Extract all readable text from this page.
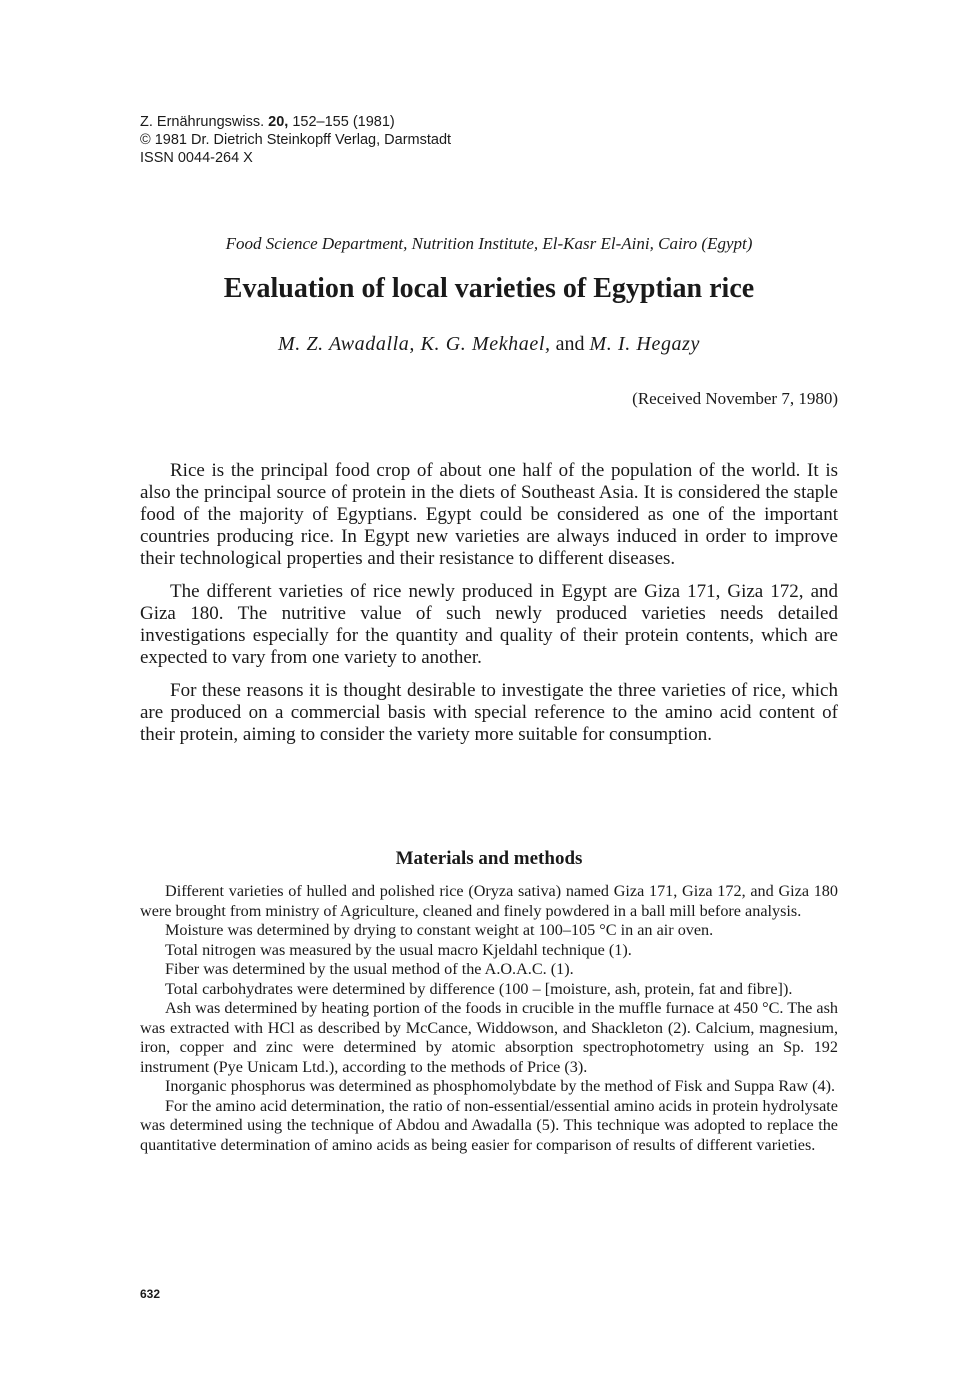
Z. Ernährungswiss. 20, 152–155 (1981)
© 1981 Dr. Dietrich Steinkopff Verlag, Darmstadt
ISSN 0044-264 X
Food Science Department, Nutrition Institute, El-Kasr El-Aini, Cairo (Egypt)
Evaluation of local varieties of Egyptian rice
M. Z. Awadalla, K. G. Mekhael, and M. I. Hegazy
(Received November 7, 1980)

Rice is the principal food crop of about one half of the population of the world. It is also the principal source of protein in the diets of Southeast Asia. It is considered the staple food of the majority of Egyptians. Egypt could be considered as one of the important countries producing rice. In Egypt new varieties are always induced in order to improve their technological properties and their resistance to different diseases.

The different varieties of rice newly produced in Egypt are Giza 171, Giza 172, and Giza 180. The nutritive value of such newly produced varieties needs detailed investigations especially for the quantity and quality of their protein contents, which are expected to vary from one variety to another.

For these reasons it is thought desirable to investigate the three varieties of rice, which are produced on a commercial basis with special reference to the amino acid content of their protein, aiming to consider the variety more suitable for consumption.

Materials and methods

Different varieties of hulled and polished rice (Oryza sativa) named Giza 171, Giza 172, and Giza 180 were brought from ministry of Agriculture, cleaned and finely powdered in a ball mill before analysis.

Moisture was determined by drying to constant weight at 100–105 °C in an air oven.

Total nitrogen was measured by the usual macro Kjeldahl technique (1).

Fiber was determined by the usual method of the A.O.A.C. (1).

Total carbohydrates were determined by difference (100 – [moisture, ash, protein, fat and fibre]).

Ash was determined by heating portion of the foods in crucible in the muffle furnace at 450 °C. The ash was extracted with HCl as described by McCance, Widdowson, and Shackleton (2). Calcium, magnesium, iron, copper and zinc were determined by atomic absorption spectrophotometry using an Sp. 192 instrument (Pye Unicam Ltd.), according to the methods of Price (3).

Inorganic phosphorus was determined as phosphomolybdate by the method of Fisk and Suppa Raw (4).

For the amino acid determination, the ratio of non-essential/essential amino acids in protein hydrolysate was determined using the technique of Abdou and Awadalla (5). This technique was adopted to replace the quantitative determination of amino acids as being easier for comparison of results of different varieties.

632
